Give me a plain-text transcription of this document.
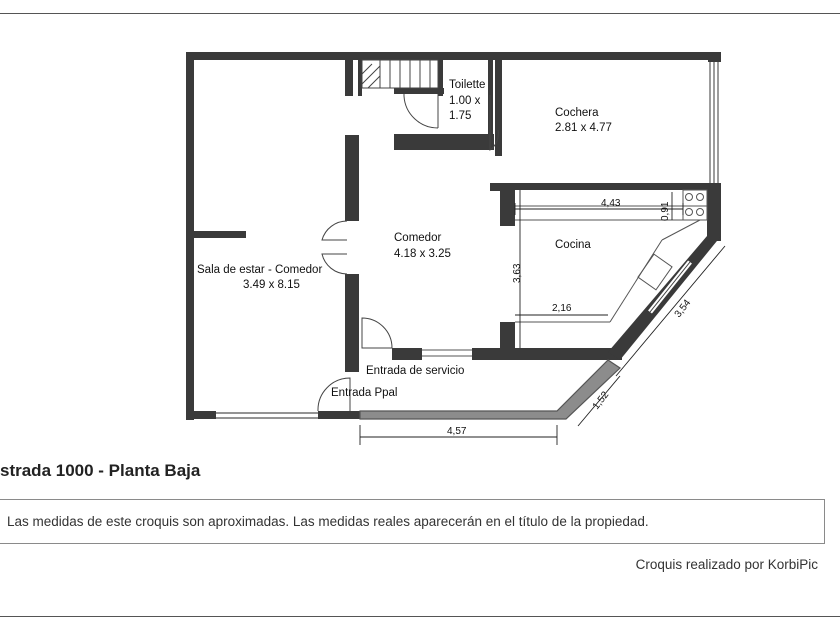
Toilette
1.00 x
1.75	Cochera
2.81 x 4.77
Comedor
4.18 x 3.25
Cocina
Sala de estar - Comedor
3.49 x 8.15
Entrada de servicio
Entrada Ppal
4,43	0,91
3,63
2,16	3,54
1,52
4,57
strada 1000 - Planta Baja
Las medidas de este croquis son aproximadas. Las medidas reales aparecerán en el título de la propiedad.
Croquis realizado por KorbiPic
